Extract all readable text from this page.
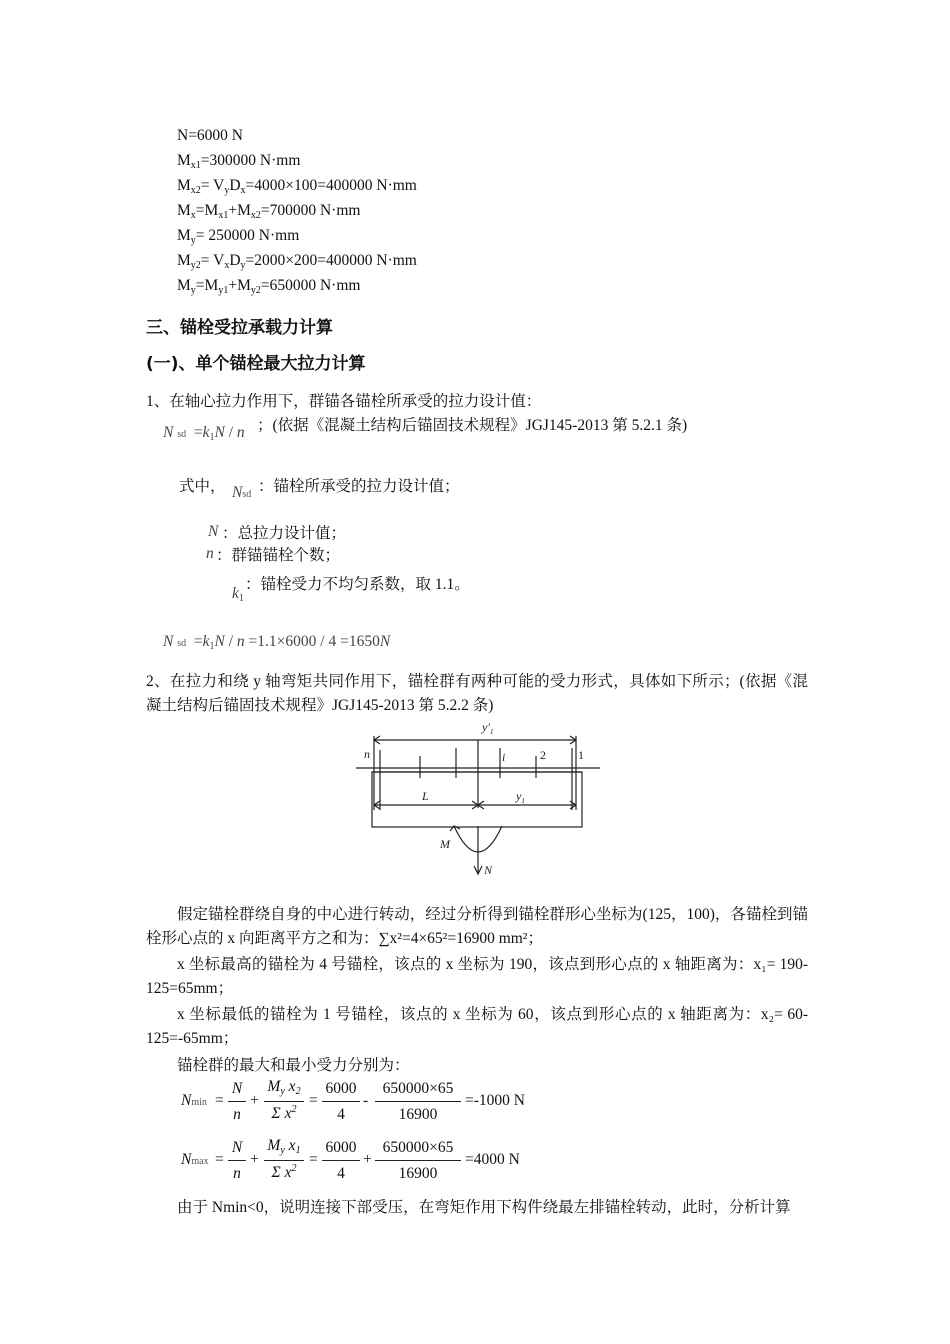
N=6000 N
$M_{x1}=300000$ N·mm
$M_{x2}= V_yD_x=4000\times 100=400000$ N·mm
$M_x=M_{x1}+M_{x2}=700000$ N·mm
$M_y= 250000$ N·mm
$M_{y2}= V_xD_y=2000\times 200=400000$ N·mm
$M_y=M_{y1}+M_{y2}=650000$ N·mm
三、锚栓受拉承载力计算
(一)、单个锚栓最大拉力计算
1、在轴心拉力作用下，群锚各锚栓所承受的拉力设计值：
N sd  $=k_1N / n$ ；(依据《混凝土结构后锚固技术规程》JGJ145-2013 第 5.2.1 条)
式中， Nsd ：锚栓所承受的拉力设计值；
N ：总拉力设计值；
n ：群锚锚栓个数；
$k_1$
：锚栓受力不均匀系数，取 1.1。
N sd  $=k_1N / n =1.1\times 6000 / 4 =1650N$
2、在拉力和绕 y 轴弯矩共同作用下，锚栓群有两种可能的受力形式，具体如下所示；(依据《混凝土结构后锚固技术规程》JGJ145-2013 第 5.2.2 条)
$y'_1$
n	i	2	1
L	$y_1$
M
N
假定锚栓群绕自身的中心进行转动，经过分析得到锚栓群形心坐标为(125，100)，各锚栓到锚栓形心点的 x 向距离平方之和为：∑x²=4×65²=16900 mm²；
x 坐标最高的锚栓为 4 号锚栓，该点的 x 坐标为 190，该点到形心点的 x 轴距离为：x₁= 190-125=65mm；
x 坐标最低的锚栓为 1 号锚栓，该点的 x 坐标为 60，该点到形心点的 x 轴距离为：x₂= 60-125=-65mm；
锚栓群的最大和最小受力分别为：
Nmin =
N
n
+
$M_y$ $x_2$
Σ $x^2$
=
6000
4
-
650000×65
16900
=-1000 N
Nmax =
N
n
+
$M_y$ $x_1$
Σ $x^2$
=
6000
4
+
650000×65
16900
=4000 N
由于 Nmin<0，说明连接下部受压，在弯矩作用下构件绕最左排锚栓转动，此时，分析计算
